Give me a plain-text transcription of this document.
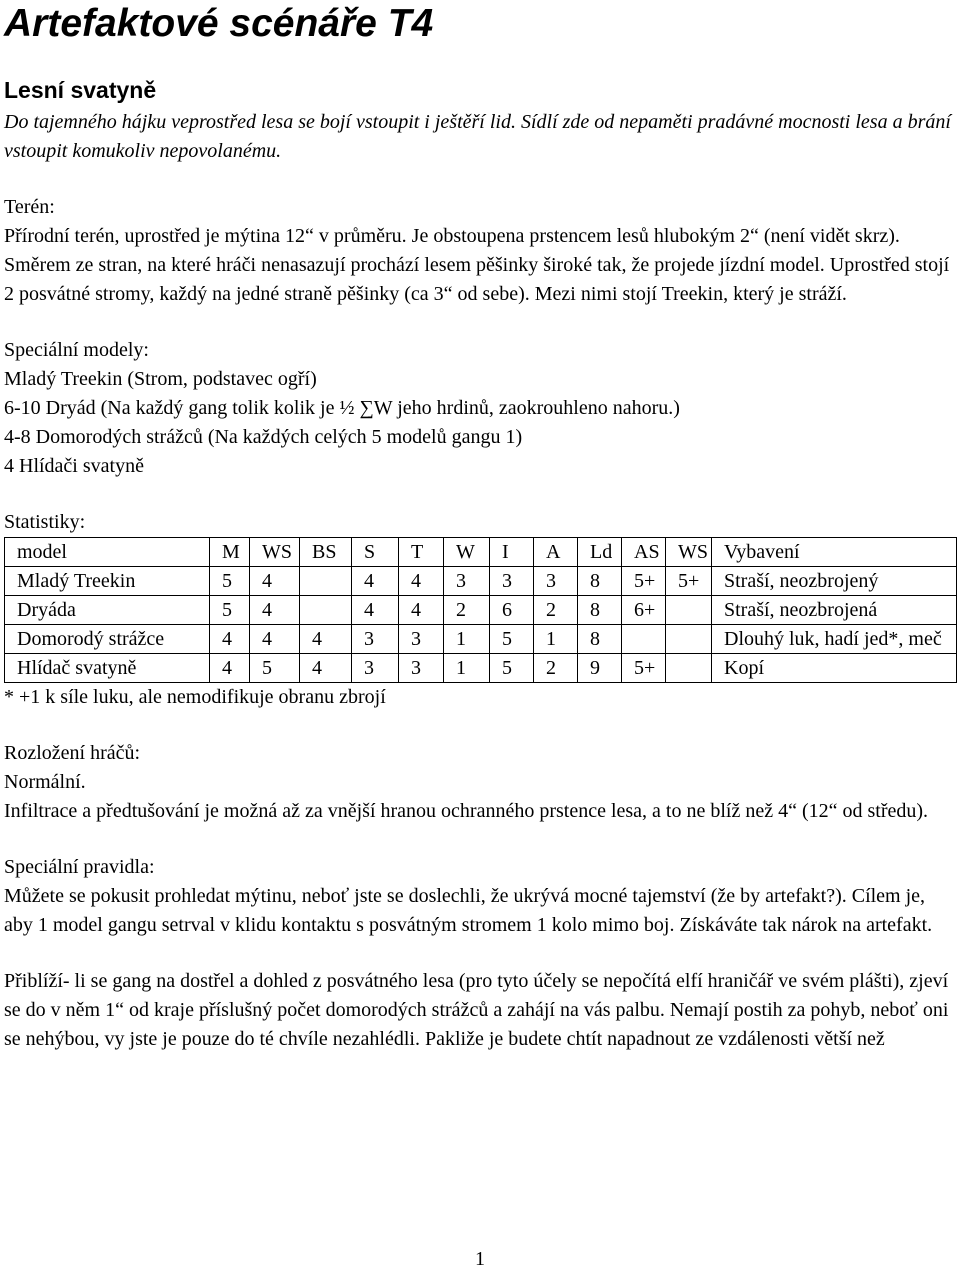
Artefaktové scénáře T4
Lesní svatyně

Do tajemného hájku veprostřed lesa se bojí vstoupit i ještěří lid. Sídlí zde od nepaměti pradávné mocnosti lesa a brání vstoupit komukoliv nepovolanému.

Terén:
Přírodní terén, uprostřed je mýtina 12“ v průměru. Je obstoupena prstencem lesů hlubokým 2“ (není vidět skrz). Směrem ze stran, na které hráči nenasazují prochází lesem pěšinky široké tak, že projede jízdní model. Uprostřed stojí 2 posvátné stromy, každý na jedné straně pěšinky (ca 3“ od sebe). Mezi nimi stojí Treekin, který je stráží.

Speciální modely:
Mladý Treekin (Strom, podstavec ogří)
6-10 Dryád (Na každý gang tolik kolik je ½ ∑W jeho hrdinů, zaokrouhleno nahoru.)
4-8 Domorodých strážců (Na každých celých 5 modelů gangu 1)
4 Hlídači svatyně

Statistiky:

model	M	WS	BS	S	T	W	I	A	Ld	AS	WS	Vybavení
Mladý Treekin	5	4		4	4	3	3	3	8	5+	5+	Straší, neozbrojený
Dryáda	5	4		4	4	2	6	2	8	6+		Straší, neozbrojená
Domorodý strážce	4	4	4	3	3	1	5	1	8			Dlouhý luk, hadí jed*, meč
Hlídač svatyně	4	5	4	3	3	1	5	2	9	5+		Kopí

* +1 k síle luku, ale nemodifikuje obranu zbrojí

Rozložení hráčů:
Normální.
Infiltrace a předtušování je možná až za vnější hranou ochranného prstence lesa, a to ne blíž než 4“ (12“ od středu).

Speciální pravidla:
Můžete se pokusit prohledat mýtinu, neboť jste se doslechli, že ukrývá mocné tajemství (že by artefakt?). Cílem je, aby 1 model gangu setrval v klidu kontaktu s posvátným stromem 1 kolo mimo boj. Získáváte tak nárok na artefakt.

Přiblíží- li se gang na dostřel a dohled z posvátného lesa (pro tyto účely se nepočítá elfí hraničář ve svém plášti), zjeví se do v něm 1“ od kraje příslušný počet domorodých strážců a zahájí na vás palbu. Nemají postih za pohyb, neboť oni se nehýbou, vy jste je pouze do té chvíle nezahlédli. Pakliže je budete chtít napadnout ze vzdálenosti větší než

1
